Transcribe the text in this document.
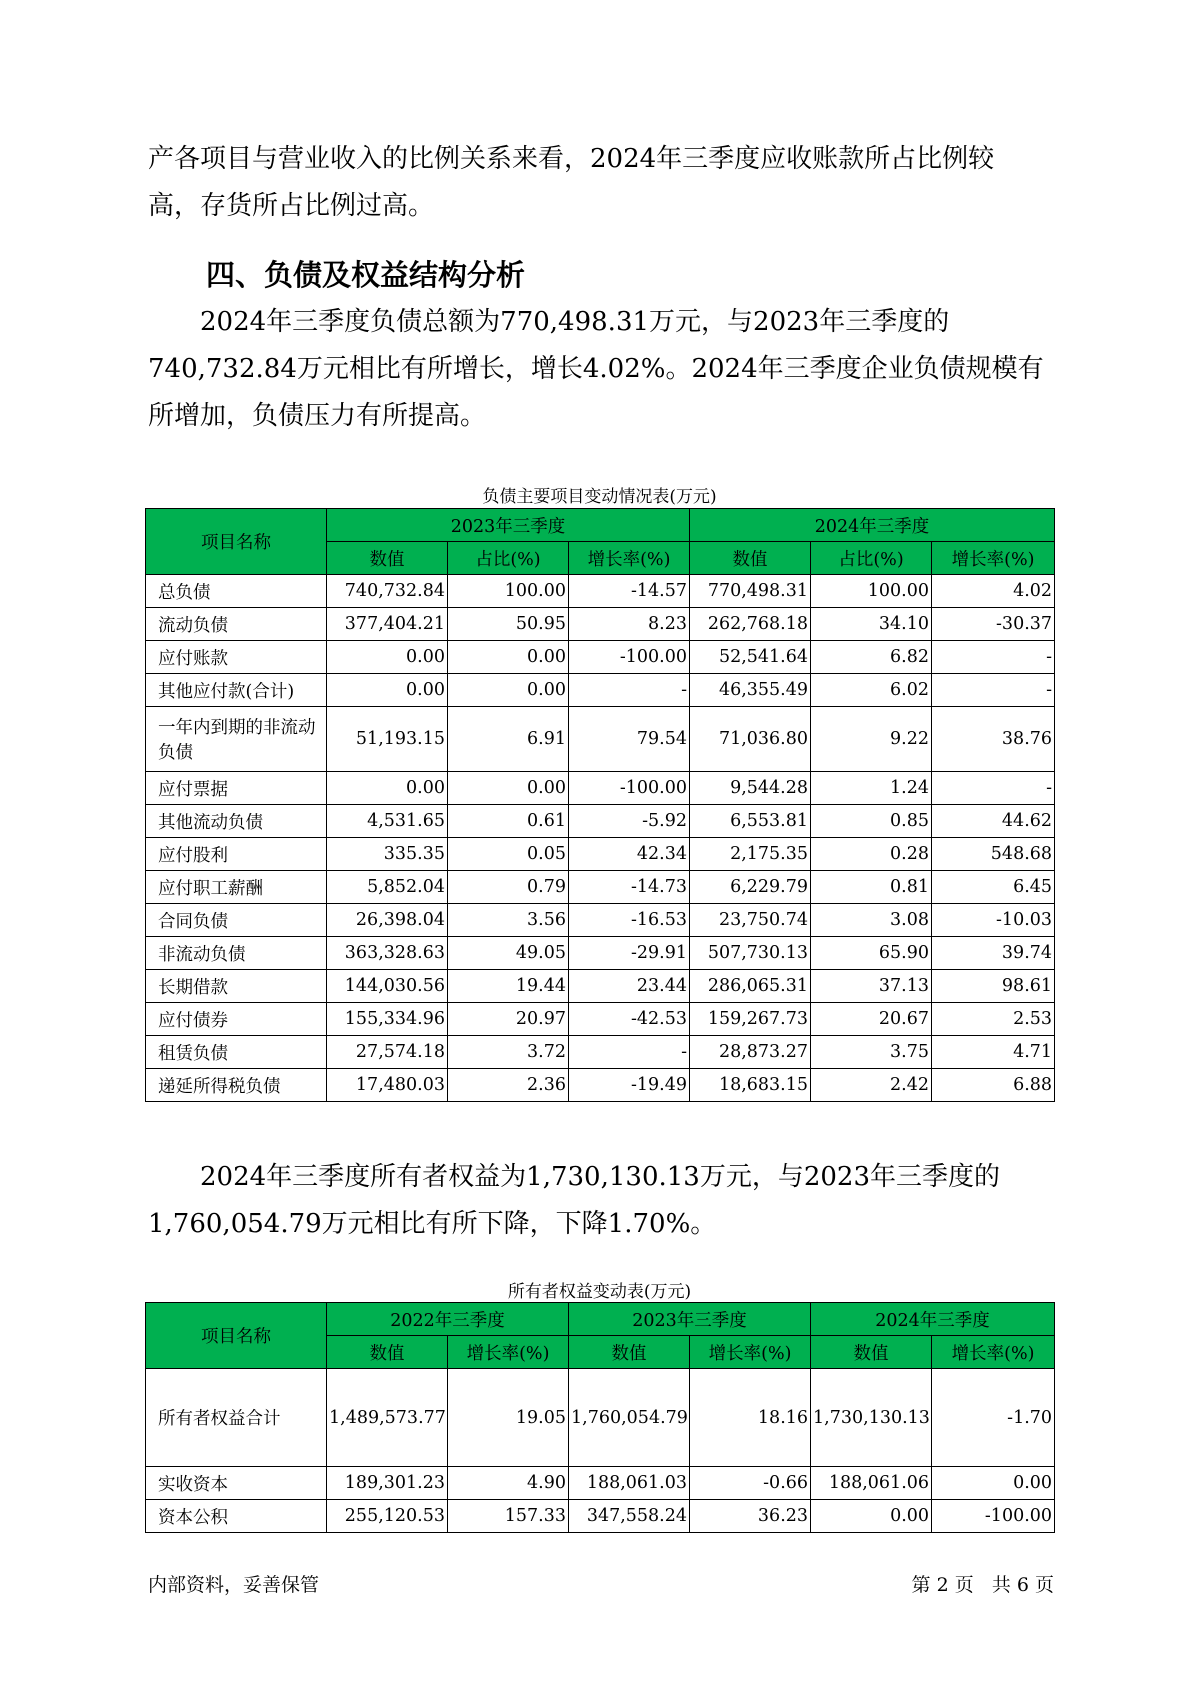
产各项目与营业收入的比例关系来看，2024年三季度应收账款所占比例较

高，存货所占比例过高。

四、负债及权益结构分析

2024年三季度负债总额为770,498.31万元，与2023年三季度的740,732.84万元相比有所增长，增长4.02%。2024年三季度企业负债规模有所增加，负债压力有所提高。

负债主要项目变动情况表(万元)

项目名称	2023年三季度			2024年三季度		
	数值	占比(%)	增长率(%)	数值	占比(%)	增长率(%)
总负债	740,732.84	100.00	-14.57	770,498.31	100.00	4.02
流动负债	377,404.21	50.95	8.23	262,768.18	34.10	-30.37
应付账款	0.00	0.00	-100.00	52,541.64	6.82	-
其他应付款(合计)	0.00	0.00	-	46,355.49	6.02	-
一年内到期的非流动负债	51,193.15	6.91	79.54	71,036.80	9.22	38.76
应付票据	0.00	0.00	-100.00	9,544.28	1.24	-
其他流动负债	4,531.65	0.61	-5.92	6,553.81	0.85	44.62
应付股利	335.35	0.05	42.34	2,175.35	0.28	548.68
应付职工薪酬	5,852.04	0.79	-14.73	6,229.79	0.81	6.45
合同负债	26,398.04	3.56	-16.53	23,750.74	3.08	-10.03
非流动负债	363,328.63	49.05	-29.91	507,730.13	65.90	39.74
长期借款	144,030.56	19.44	23.44	286,065.31	37.13	98.61
应付债券	155,334.96	20.97	-42.53	159,267.73	20.67	2.53
租赁负债	27,574.18	3.72	-	28,873.27	3.75	4.71
递延所得税负债	17,480.03	2.36	-19.49	18,683.15	2.42	6.88

2024年三季度所有者权益为1,730,130.13万元，与2023年三季度的1,760,054.79万元相比有所下降，下降1.70%。

所有者权益变动表(万元)

项目名称	2022年三季度		2023年三季度		2024年三季度	
	数值	增长率(%)	数值	增长率(%)	数值	增长率(%)
所有者权益合计	1,489,573.77	19.05	1,760,054.79	18.16	1,730,130.13	-1.70
实收资本	189,301.23	4.90	188,061.03	-0.66	188,061.06	0.00
资本公积	255,120.53	157.33	347,558.24	36.23	0.00	-100.00
内部资料，妥善保管	第 2 页   共 6 页
